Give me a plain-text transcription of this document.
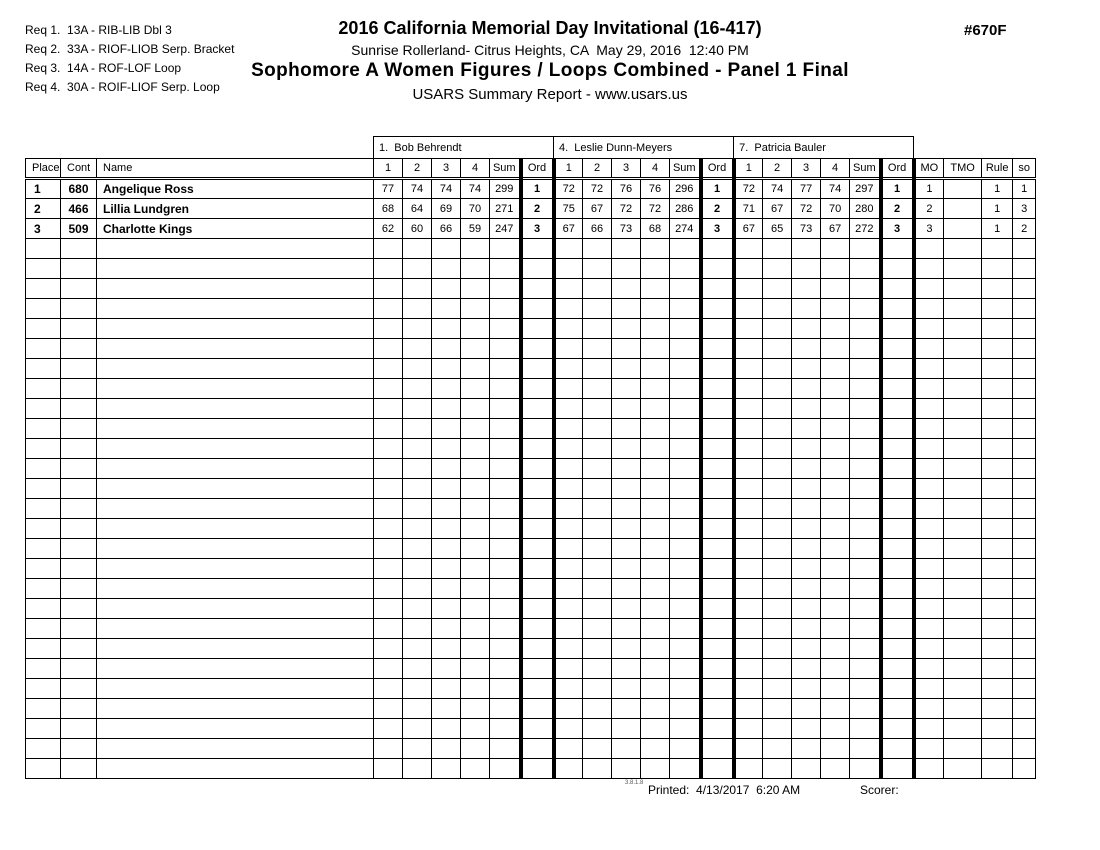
Req 1.  13A - RIB-LIB Dbl 3
Req 2.  33A - RIOF-LIOB Serp. Bracket
Req 3.  14A - ROF-LOF Loop
Req 4.  30A - ROIF-LIOF Serp. Loop
2016 California Memorial Day Invitational (16-417)
Sunrise Rollerland- Citrus Heights, CA  May 29, 2016  12:40 PM
Sophomore A Women Figures / Loops Combined - Panel 1 Final
USARS Summary Report - www.usars.us
#670F
			1.  Bob Behrendt						4.  Leslie Dunn-Meyers						7.  Patricia Bauler									
Place	Cont	Name	1	2	3	4	Sum	Ord	1	2	3	4	Sum	Ord	1	2	3	4	Sum	Ord	MO	TMO	Rule	so
1	680	Angelique Ross	77	74	74	74	299	1	72	72	76	76	296	1	72	74	77	74	297	1	1		1	1
2	466	Lillia Lundgren	68	64	69	70	271	2	75	67	72	72	286	2	71	67	72	70	280	2	2		1	3
3	509	Charlotte Kings	62	60	66	59	247	3	67	66	73	68	274	3	67	65	73	67	272	3	3		1	2

3.8.1.8 Printed:  4/13/2017  6:20 AM	Scorer:
